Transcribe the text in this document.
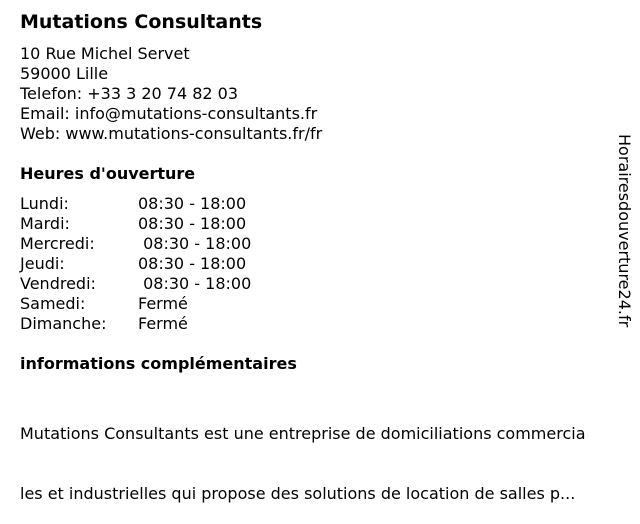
Mutations Consultants
10 Rue Michel Servet
59000 Lille
Telefon: +33 3 20 74 82 03
Email: info@mutations-consultants.fr
Web: www.mutations-consultants.fr/fr
Heures d'ouverture
Lundi:	08:30 - 18:00
Mardi:	08:30 - 18:00
Mercredi:	08:30 - 18:00
Jeudi:	08:30 - 18:00
Vendredi:	08:30 - 18:00
Samedi:	Fermé
Dimanche:	Fermé
informations complémentaires

Mutations Consultants est une entreprise de domiciliations commercia

les et industrielles qui propose des solutions de location de salles p...

Horairesdouverture24.fr
